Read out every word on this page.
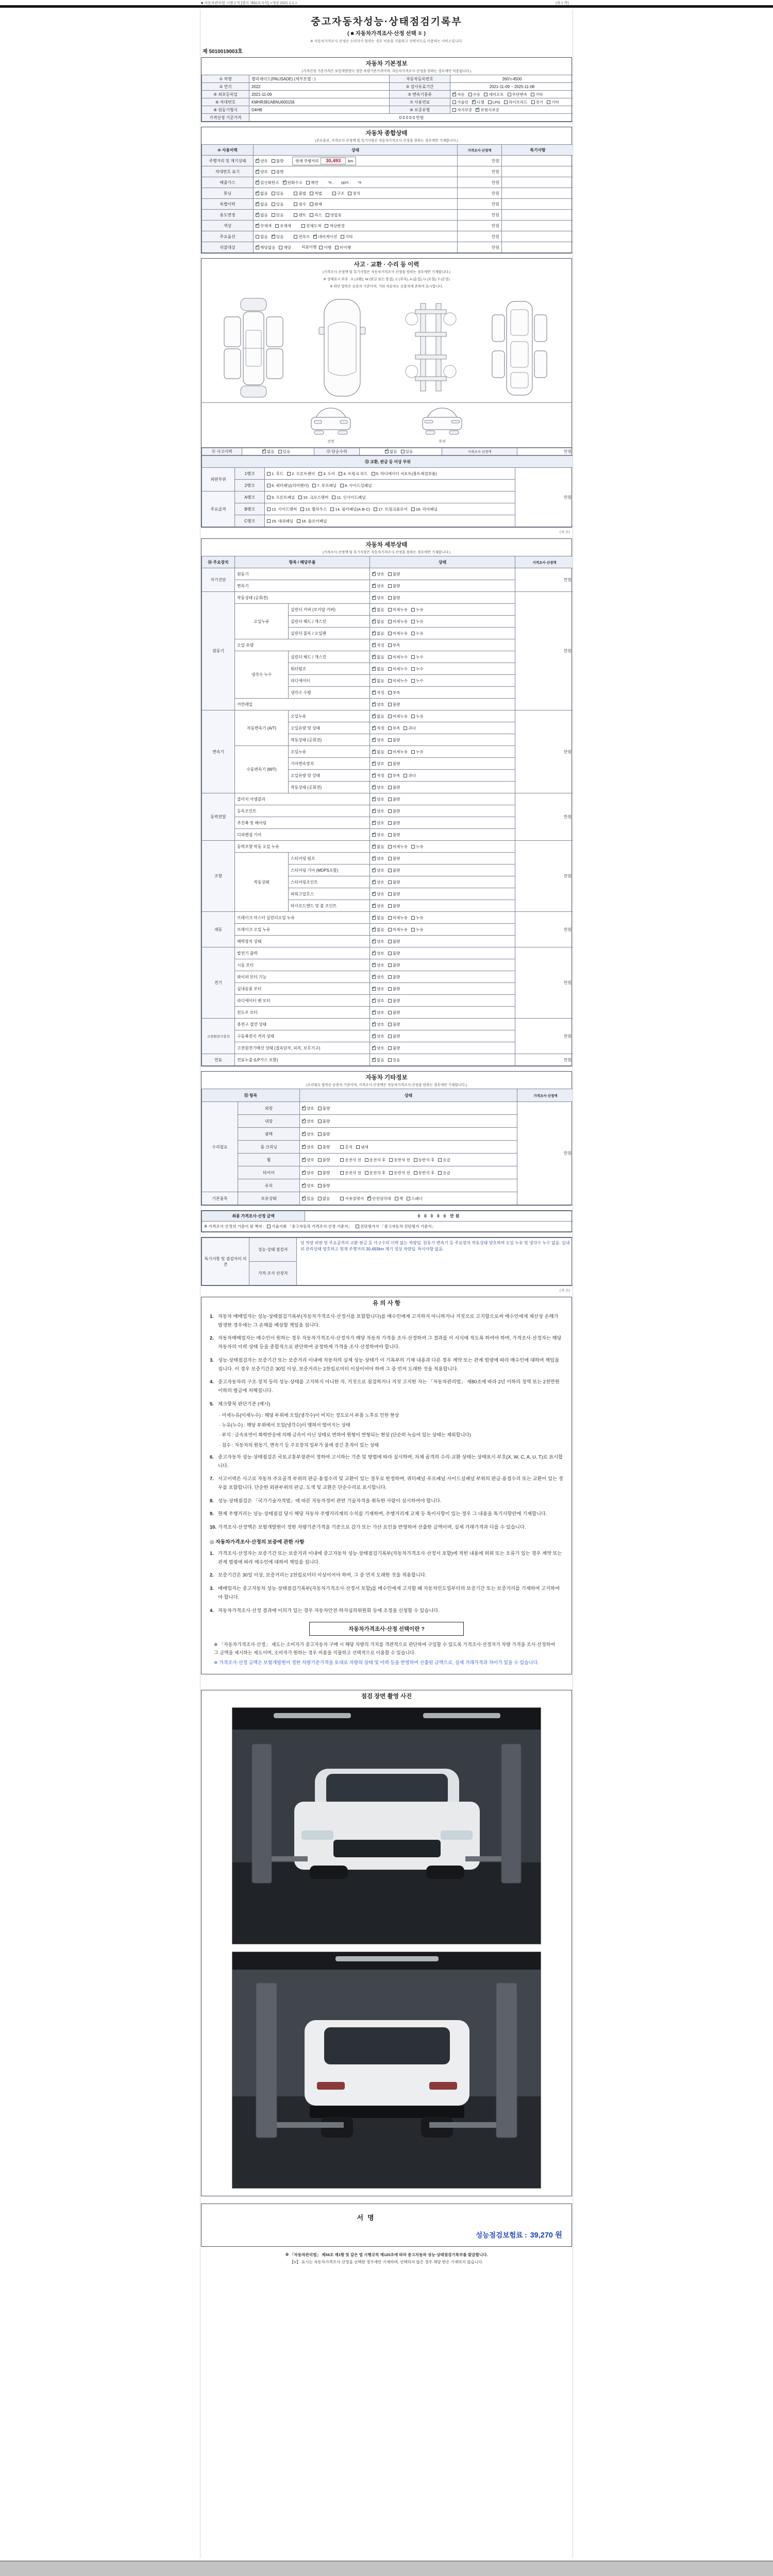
■ 자동차관리법 시행규칙 [별지 제82호서식] <개정 2021.1.1.>	(제 1 쪽)
중고자동차성능·상태점검기록부
( ■ 자동차가격조사·산정 선택 ① )
※ 자동차가격조사·산정은 소비자가 원하는 경우 비용을 지불하고 선택적으로 이용하는 서비스입니다.
제 5010019003호
자동차 기본정보
(가격산정 기준가격은 보험개발원이 정한 차량기준가격이며, 자동차가격조사·산정을 원하는 경우에만 적용됩니다.)
① 차명	팰리세이드(PALISADE) (세부모델 : )	자동차등록번호	260누4500
② 연식	2022	③ 검사유효기간	2021-11-09 ~ 2025-11-08
④ 최초등록일	2021-11-09	⑤ 변속기종류	
✓자동 수동 세미오토 무단변속 기타

⑥ 차대번호	KMHR381ABNU600156	⑦ 사용연료	가솔린 ✓ 디젤 LPG 하이브리드 전기 기타

⑧ 원동기형식	D4HB	⑨ 보증유형	자가보증 ✓ 보험사보증

가격산정 기준가격	0 0 0 0 0 만원		
자동차 종합상태
(주요옵션, 가격조사·산정액 및 특기사항은 자동차가격조사·산정을 원하는 경우에만 기재합니다.)
⑩ 사용이력	상태	가격조사·산정액	특기사항
주행거리 및 계기상태	
✓양호 불량 현재 주행거리 30,493 km	만원	
차대번호 표기	
✓양호 불량	만원	
배출가스	
✓일산화탄소 ✓ 탄화수소 매연 % ,       ppm ,       %	만원	
튜닝	
✓없음 있음	불법 적법	구조 장치	만원	
특별이력	
✓없음 있음 침수 화재	만원	
용도변경	
✓없음 있음 렌트 리스 영업용	만원	
색상	
✓무채색 유채색 전체도색 색상변경	만원	
주요옵션	없음 ✓ 있음 썬루프 ✓ 네비게이션 기타	만원	
리콜대상	
✓해당없음 해당 리콜이행 이행 미이행	만원	
사고 · 교환 · 수리 등 이력
(가격조사·산정액 및 특기사항은 자동차가격조사·산정을 원하는 경우에만 기재합니다.)
※ 상태표시 부호 : X (교환), W (판금 또는 용접), C (부식), A (흠집), U (요철), T (손상)
※ 하단 항목은 승용차 기준이며, 기타 자동차는 승용차에 준하여 표시합니다.
전면	후면
⑪ 사고이력	
✓없음 있음	⑫ 단순수리	
✓없음 있음	가격조사·산정액	만원
⑬ 교환, 판금 등 이상 부위			
외판부위	1랭크	1. 후드 2. 프론트펜더 3. 도어 4. 트렁크 리드 5. 라디에이터 서포트(볼트체결부품)	만원
	2랭크	6. 쿼터패널(리어펜더) 7. 루프패널 8. 사이드실패널	

주요골격	A랭크	9. 프론트패널 10. 크로스멤버 11. 인사이드패널	

	B랭크	12. 사이드멤버 13. 휠하우스 14. 필러패널(A·B·C) 17. 트렁크플로어 18. 리어패널	

	C랭크	15. 대쉬패널 16. 플로어패널	
(계 속)
자동차 세부상태
(가격조사·산정액 및 특기사항은 자동차가격조사·산정을 원하는 경우에만 기재합니다.)
⑭ 주요장치	항목 / 해당부품		상태	가격조사·산정액
자기진단	원동기	
✓양호 불량	만원
	변속기	
✓양호 불량

원동기	작동상태 (공회전)	
✓양호 불량	만원
	오일누유	실린더 커버 (로커암 커버)	
✓없음 미세누유 누유

		실린더 헤드 / 개스킷	
✓없음 미세누유 누유

		실린더 블록 / 오일팬	
✓없음 미세누유 누유

	오일 유량	
✓적정 부족

	냉각수 누수	실린더 헤드 / 개스킷	
✓없음 미세누수 누수

		워터펌프	
✓없음 미세누수 누수

		라디에이터	
✓없음 미세누수 누수

		냉각수 수량	
✓적정 부족

	커먼레일	
✓양호 불량

변속기	자동변속기 (A/T)	오일누유	
✓없음 미세누유 누유	만원
		오일유량 및 상태	
✓적정 부족 과다

		작동상태 (공회전)	
✓양호 불량

	수동변속기 (M/T)	오일누유	
✓없음 미세누유 누유

		기어변속장치	
✓양호 불량

		오일유량 및 상태	
✓적정 부족 과다

		작동상태 (공회전)	
✓양호 불량

동력전달	클러치 어셈블리	
✓양호 불량	만원
	등속조인트	
✓양호 불량

	추진축 및 베어링	
✓양호 불량

	디퍼렌셜 기어	
✓양호 불량

조향	동력조향 작동 오일 누유	
✓없음 미세누유 누유	만원
	작동상태	스티어링 펌프	
✓양호 불량

		스티어링 기어 (MDPS포함)	
✓양호 불량

		스티어링조인트	
✓양호 불량

		파워고압호스	
✓양호 불량

		타이로드엔드 및 볼 조인트	
✓양호 불량

제동	브레이크 마스터 실린더오일 누유	
✓없음 미세누유 누유	만원
	브레이크 오일 누유	
✓없음 미세누유 누유

	배력장치 상태	
✓양호 불량

전기	발전기 출력	
✓양호 불량	만원
	시동 모터	
✓양호 불량

	와이퍼 모터 기능	
✓양호 불량

	실내송풍 모터	
✓양호 불량

	라디에이터 팬 모터	
✓양호 불량

	윈도우 모터	
✓양호 불량

고전원전기장치	충전구 절연 상태	
✓양호 불량	만원
	구동축전지 격리 상태	
✓양호 불량

	고전원전기배선 상태 (접속단자, 피복, 보호기구)	
✓양호 불량

연료	연료누출 (LP가스 포함)	
✓없음 있음	만원
자동차 기타정보
(수리필요 항목은 승용차 기준이며, 가격조사·산정액은 자동차가격조사·산정을 원하는 경우에만 기재합니다.)
⑮ 항목		상태	가격조사·산정액
수리필요	외장	
✓양호 불량	만원
	내장	
✓양호 불량

	광택	
✓양호 불량

	룸 크리닝	
✓양호 불량 흔적 냄새

휠	
✓양호 불량	운전석 전 운전석 후 동반석 전 동반석 후 응급

타이어	
✓양호 불량	운전석 전 운전석 후 동반석 전 동반석 후 응급

	유리	
✓양호 불량

기본품목	보유상태	
✓있음 없음	사용설명서 ✓ 안전삼각대 잭 스패너
최종 가격조사·산정 금액	0 0 0 0 0 만원
※ 가격조사·산정의 기준이 된 책자 : 기술사회 「중고자동차 가격조사·산정 기준서」 진단평가사 「중고자동차 진단평가 기준서」
특기사항 및 점검자의 의견	성능·상태 점검자	당 차량 외판 및 주요골격의 교환·판금 등 사고수리 이력 없는 차량임. 원동기·변속기 등 주요장치 작동상태 양호하며 오일 누유 및 냉각수 누수 없음. 실내외 관리상태 양호하고 현재 주행거리 30,493km 계기 정상 차량임. 특이사항 없음.
가격·조사 산정자
(계 속)
유 의 사 항
1. 자동차 매매업자는 성능·상태점검기록부(자동차가격조사·산정서를 포함합니다)를 매수인에게 고지하지 아니하거나 거짓으로 고지함으로써 매수인에게 재산상 손해가 발생한 경우에는 그 손해를 배상할 책임을 집니다.
2. 자동차매매업자는 매수인이 원하는 경우 자동차가격조사·산정자가 해당 자동차 가격을 조사·산정하여 그 결과를 이 서식에 적도록 하여야 하며, 가격조사·산정자는 해당 자동차의 이력·상태 등을 종합적으로 판단하여 공정하게 가격을 조사·산정하여야 합니다.
3. 성능·상태점검자는 보증기간 또는 보증거리 이내에 자동차의 실제 성능·상태가 이 기록부의 기재 내용과 다른 경우 계약 또는 관계 법령에 따라 매수인에 대하여 책임을 집니다. 이 경우 보증기간은 30일 이상, 보증거리는 2천킬로미터 이상이어야 하며 그 중 먼저 도래한 것을 적용합니다.
4. 중고자동차의 구조·장치 등의 성능·상태를 고지하지 아니한 자, 거짓으로 점검하거나 거짓 고지한 자는 「자동차관리법」 제80조에 따라 2년 이하의 징역 또는 2천만원 이하의 벌금에 처해집니다.
5. 체크항목 판단기준 (예시)
· 미세누유(미세누수) : 해당 부위에 오일(냉각수)이 비치는 정도로서 부품 노후로 인한 현상
· 누유(누수) : 해당 부위에서 오일(냉각수)이 맺혀서 떨어지는 상태
· 부식 : 금속표면이 화학반응에 의해 금속이 아닌 상태로 변하여 원형이 변형되는 현상 (단순히 녹슬어 있는 상태는 제외합니다)
· 침수 : 자동차의 원동기, 변속기 등 주요장치 일부가 물에 잠긴 흔적이 있는 상태
6. 중고자동차 성능·상태점검은 국토교통부장관이 정하여 고시하는 기준 및 방법에 따라 실시하며, 차체 골격의 수리·교환 상태는 상태표시 부호(X, W, C, A, U, T)로 표시합니다.
7. 사고이력은 사고로 자동차 주요골격 부위의 판금·용접수리 및 교환이 있는 경우로 한정하며, 쿼터패널·루프패널·사이드실패널 부위의 판금·용접수리 또는 교환이 있는 경우를 포함합니다. 단순한 외판부위의 판금, 도색 및 교환은 단순수리로 표시합니다.
8. 성능·상태점검은 「국가기술자격법」에 따른 자동차정비 관련 기술자격을 취득한 사람이 실시하여야 합니다.
9. 현재 주행거리는 성능·상태점검 당시 해당 자동차 주행거리계의 수치를 기재하며, 주행거리계 교체 등 특이사항이 있는 경우 그 내용을 특기사항란에 기재합니다.
10. 가격조사·산정액은 보험개발원이 정한 차량기준가격을 기준으로 감가 또는 가산 요인을 반영하여 산출한 금액이며, 실제 거래가격과 다를 수 있습니다.
◎ 자동차가격조사·산정의 보증에 관한 사항
1. 가격조사·산정자는 보증기간 또는 보증거리 이내에 중고자동차 성능·상태점검기록부(자동차가격조사·산정서 포함)에 적힌 내용에 허위 또는 오류가 있는 경우 계약 또는 관계 법령에 따라 매수인에 대하여 책임을 집니다.
2. 보증기간은 30일 이상, 보증거리는 2천킬로미터 이상이어야 하며, 그 중 먼저 도래한 것을 적용합니다.
3. 매매업자는 중고자동차 성능·상태점검기록부(자동차가격조사·산정서 포함)를 매수인에게 고지할 때 자동차인도일부터의 보증기간 또는 보증거리를 기재하여 고지하여야 합니다.
4. 자동차가격조사·산정 결과에 이의가 있는 경우 자동차안전·하자심의위원회 등에 조정을 신청할 수 있습니다.
자동차가격조사·산정 선택이란 ?
※ 「자동차가격조사·산정」 제도는 소비자가 중고자동차 구매 시 해당 차량의 가치를 객관적으로 판단하여 구입할 수 있도록 가격조사·산정자가 차량 가격을 조사·산정하여 그 금액을 제시하는 제도이며, 소비자가 원하는 경우 비용을 지불하고 선택적으로 이용할 수 있습니다.
※ 가격조사·산정 금액은 보험개발원이 정한 차량기준가격을 토대로 차량의 상태 및 이력 등을 반영하여 산출된 금액으로, 실제 거래가격과 차이가 있을 수 있습니다.
점검 장면 촬영 사진
서명
성능점검보험료 : 39,270 원
※ 「자동차관리법」 제58조 제1항 및 같은 법 시행규칙 제120조에 따라 중고자동차 성능·상태점검기록부를 발급합니다.
【V】 표시는 자동차가격조사·산정을 선택한 경우에만 기재하며, 선택하지 않은 경우 해당 란은 기재하지 않습니다.
